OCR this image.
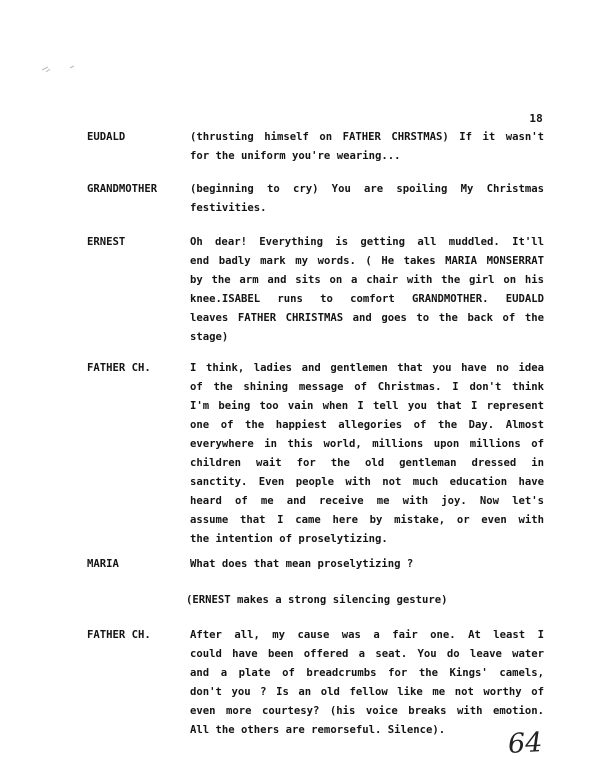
18
EUDALD	(thrusting himself on FATHER CHRSTMAS) If it wasn't
for the uniform you're wearing...
GRANDMOTHER	(beginning to cry) You are spoiling My Christmas
festivities.
ERNEST	Oh dear! Everything is getting all muddled. It'll
end badly mark my words. ( He takes MARIA MONSERRAT
by the arm and sits on a chair with the girl on his
knee.ISABEL runs to comfort GRANDMOTHER. EUDALD
leaves FATHER CHRISTMAS and goes to the back of the
stage)
FATHER CH.	I think, ladies and gentlemen that you have no idea
of the shining message of Christmas. I don't think
I'm being too vain when I tell you that I represent
one of the happiest allegories of the Day. Almost
everywhere in this world, millions upon millions of
children wait for the old gentleman dressed in
sanctity. Even people with not much education have
heard of me and receive me with joy. Now let's
assume that I came here by mistake, or even with
the intention of proselytizing.
MARIA	What does that mean proselytizing ?
(ERNEST makes a strong silencing gesture)
FATHER CH.	After all, my cause was a fair one. At least I
could have been offered a seat. You do leave water
and a plate of breadcrumbs for the Kings' camels,
don't you ? Is an old fellow like me not worthy of
even more courtesy? (his voice breaks with emotion.
All the others are remorseful. Silence).	64
